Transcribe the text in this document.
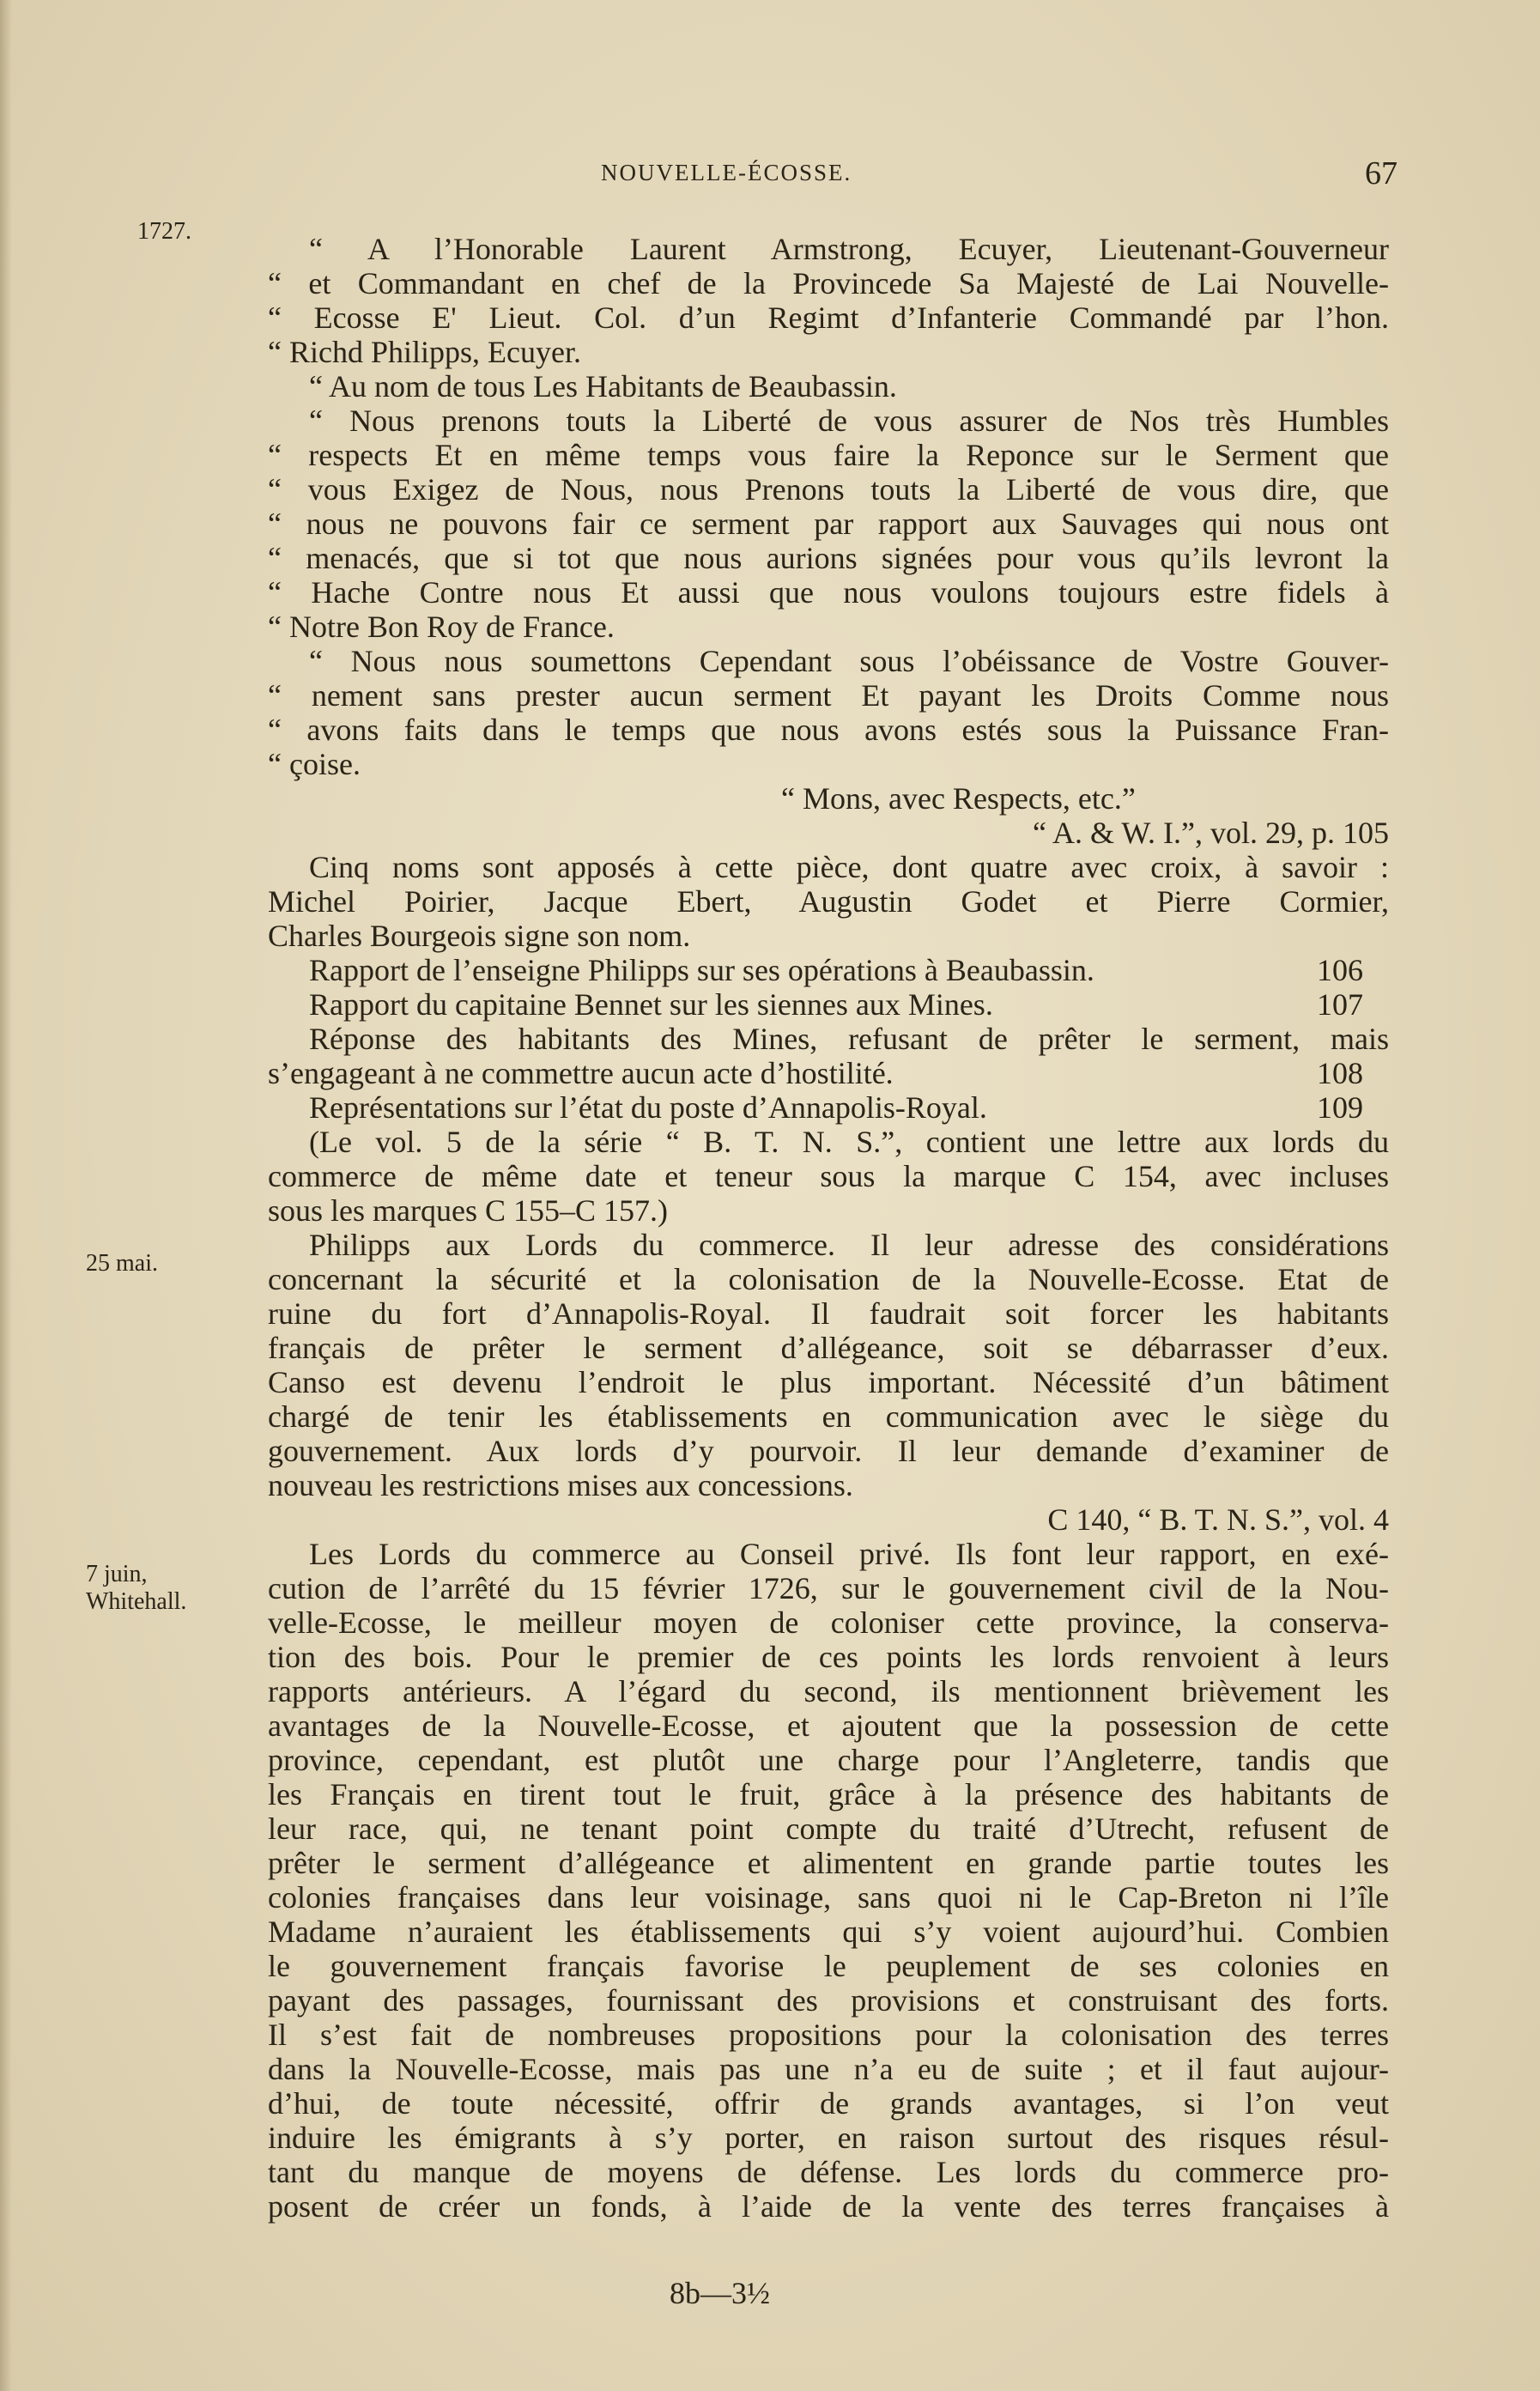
NOUVELLE-ÉCOSSE.	67
1727.
25 mai.
7 juin,
Whitehall.
“ A l’Honorable Laurent Armstrong, Ecuyer, Lieutenant-Gouverneur
“ et Commandant en chef de la Provincede Sa Majesté de Lai Nouvelle-
“ Ecosse E' Lieut. Col. d’un Regimt d’Infanterie Commandé par l’hon.
“ Richd Philipps, Ecuyer.
“ Au nom de tous Les Habitants de Beaubassin.
“ Nous prenons touts la Liberté de vous assurer de Nos très Humbles
“ respects Et en même temps vous faire la Reponce sur le Serment que
“ vous Exigez de Nous, nous Prenons touts la Liberté de vous dire, que
“ nous ne pouvons fair ce serment par rapport aux Sauvages qui nous ont
“ menacés, que si tot que nous aurions signées pour vous qu’ils levront la
“ Hache Contre nous Et aussi que nous voulons toujours estre fidels à
“ Notre Bon Roy de France.
“ Nous nous soumettons Cependant sous l’obéissance de Vostre Gouver-
“ nement sans prester aucun serment Et payant les Droits Comme nous
“ avons faits dans le temps que nous avons estés sous la Puissance Fran-
“ çoise.
“ Mons, avec Respects, etc.”
“ A. & W. I.”, vol. 29, p. 105
Cinq noms sont apposés à cette pièce, dont quatre avec croix, à savoir :
Michel Poirier, Jacque Ebert, Augustin Godet et Pierre Cormier,
Charles Bourgeois signe son nom.
Rapport de l’enseigne Philipps sur ses opérations à Beaubassin.	106
Rapport du capitaine Bennet sur les siennes aux Mines.	107
Réponse des habitants des Mines, refusant de prêter le serment, mais
s’engageant à ne commettre aucun acte d’hostilité.	108
Représentations sur l’état du poste d’Annapolis-Royal.	109
(Le vol. 5 de la série “ B. T. N. S.”, contient une lettre aux lords du
commerce de même date et teneur sous la marque C 154, avec incluses
sous les marques C 155–C 157.)
Philipps aux Lords du commerce. Il leur adresse des considérations
concernant la sécurité et la colonisation de la Nouvelle-Ecosse. Etat de
ruine du fort d’Annapolis-Royal. Il faudrait soit forcer les habitants
français de prêter le serment d’allégeance, soit se débarrasser d’eux.
Canso est devenu l’endroit le plus important. Nécessité d’un bâtiment
chargé de tenir les établissements en communication avec le siège du
gouvernement. Aux lords d’y pourvoir. Il leur demande d’examiner de
nouveau les restrictions mises aux concessions.
C 140, “ B. T. N. S.”, vol. 4
Les Lords du commerce au Conseil privé. Ils font leur rapport, en exé-
cution de l’arrêté du 15 février 1726, sur le gouvernement civil de la Nou-
velle-Ecosse, le meilleur moyen de coloniser cette province, la conserva-
tion des bois. Pour le premier de ces points les lords renvoient à leurs
rapports antérieurs. A l’égard du second, ils mentionnent brièvement les
avantages de la Nouvelle-Ecosse, et ajoutent que la possession de cette
province, cependant, est plutôt une charge pour l’Angleterre, tandis que
les Français en tirent tout le fruit, grâce à la présence des habitants de
leur race, qui, ne tenant point compte du traité d’Utrecht, refusent de
prêter le serment d’allégeance et alimentent en grande partie toutes les
colonies françaises dans leur voisinage, sans quoi ni le Cap-Breton ni l’île
Madame n’auraient les établissements qui s’y voient aujourd’hui. Combien
le gouvernement français favorise le peuplement de ses colonies en
payant des passages, fournissant des provisions et construisant des forts.
Il s’est fait de nombreuses propositions pour la colonisation des terres
dans la Nouvelle-Ecosse, mais pas une n’a eu de suite ; et il faut aujour-
d’hui, de toute nécessité, offrir de grands avantages, si l’on veut
induire les émigrants à s’y porter, en raison surtout des risques résul-
tant du manque de moyens de défense. Les lords du commerce pro-
posent de créer un fonds, à l’aide de la vente des terres françaises à
8b—3½
